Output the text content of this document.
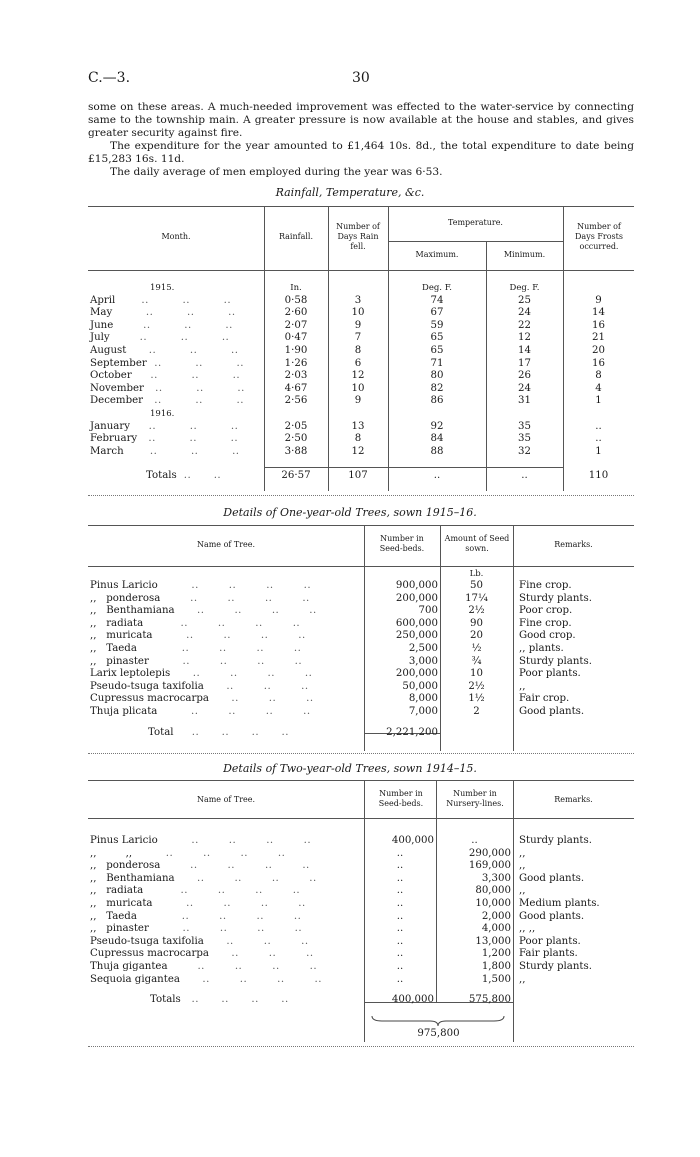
C.—3.	30

some on these areas. A much-needed improvement was effected to the water-service by connecting same to the township main. A greater pressure is now available at the house and stables, and gives greater security against fire.

The expenditure for the year amounted to £1,464 10s. 8d., the total expenditure to date being £15,283 16s. 11d.

The daily average of men employed during the year was 6·53.

Rainfall, Temperature, &c.
Month.	Rainfall.
Number of Days Rain fell.
Temperature.
Maximum.	Minimum.
Number of Days Frosts occurred.
1915.	In.		Deg. F.	Deg. F.	
April       ..         ..         ..	0·58	3	74	25	9
May         ..         ..         ..	2·60	10	67	24	14
June        ..         ..         ..	2·07	9	59	22	16
July        ..         ..         ..	0·47	7	65	12	21
August      ..         ..         ..	1·90	8	65	14	20
September  ..         ..         ..	1·26	6	71	17	16
October     ..         ..         ..	2·03	12	80	26	8
November   ..         ..         ..	4·67	10	82	24	4
December   ..         ..         ..	2·56	9	86	31	1
1916.					
January     ..         ..         ..	2·05	13	92	35	..
February   ..         ..         ..	2·50	8	84	35	..
March       ..         ..         ..	3·88	12	88	32	1

Totals  ..      ..	26·57	107	..	..	110
Details of One-year-old Trees, sown 1915–16.
Name of Tree.
Number in Seed-beds.
Amount of Seed sown.	Remarks.
Lb.
Pinus Laricio         ..        ..        ..        ..	900,000	50	Fine crop.
,,   ponderosa        ..        ..        ..        ..	200,000	17¼	Sturdy plants.
,,   Benthamiana      ..        ..        ..        ..	700	2½	Poor crop.
,,   radiata          ..        ..        ..        ..	600,000	90	Fine crop.
,,   muricata         ..        ..        ..        ..	250,000	20	Good crop.
,,   Taeda            ..        ..        ..        ..	2,500	½	,, plants.
,,   pinaster         ..        ..        ..        ..	3,000	¾	Sturdy plants.
Larix leptolepis      ..        ..        ..        ..	200,000	10	Poor plants.
Pseudo-tsuga taxifolia      ..        ..        ..	50,000	2½	,,
Cupressus macrocarpa      ..        ..        ..	8,000	1½	Fair crop.
Thuja plicata         ..        ..        ..        ..	7,000	2	Good plants.

Total     ..      ..      ..      ..	2,221,200		
Details of Two-year-old Trees, sown 1914–15.
Name of Tree.
Number in Seed-beds.
Number in Nursery-lines.	Remarks.
Pinus Laricio         ..        ..        ..        ..	400,000	..	Sturdy plants.
,,         ,,         ..        ..        ..        ..	..	290,000	,,
,,   ponderosa        ..        ..        ..        ..	..	169,000	,,
,,   Benthamiana      ..        ..        ..        ..	..	3,300	Good plants.
,,   radiata          ..        ..        ..        ..	..	80,000	,,
,,   muricata         ..        ..        ..        ..	..	10,000	Medium plants.
,,   Taeda            ..        ..        ..        ..	..	2,000	Good plants.
,,   pinaster         ..        ..        ..        ..	..	4,000	,, ,,
Pseudo-tsuga taxifolia      ..        ..        ..	..	13,000	Poor plants.
Cupressus macrocarpa      ..        ..        ..	..	1,200	Fair plants.
Thuja gigantea        ..        ..        ..        ..	..	1,800	Sturdy plants.
Sequoia gigantea      ..        ..        ..        ..	..	1,500	,,

Totals   ..      ..      ..      ..	400,000	575,800	
975,800
